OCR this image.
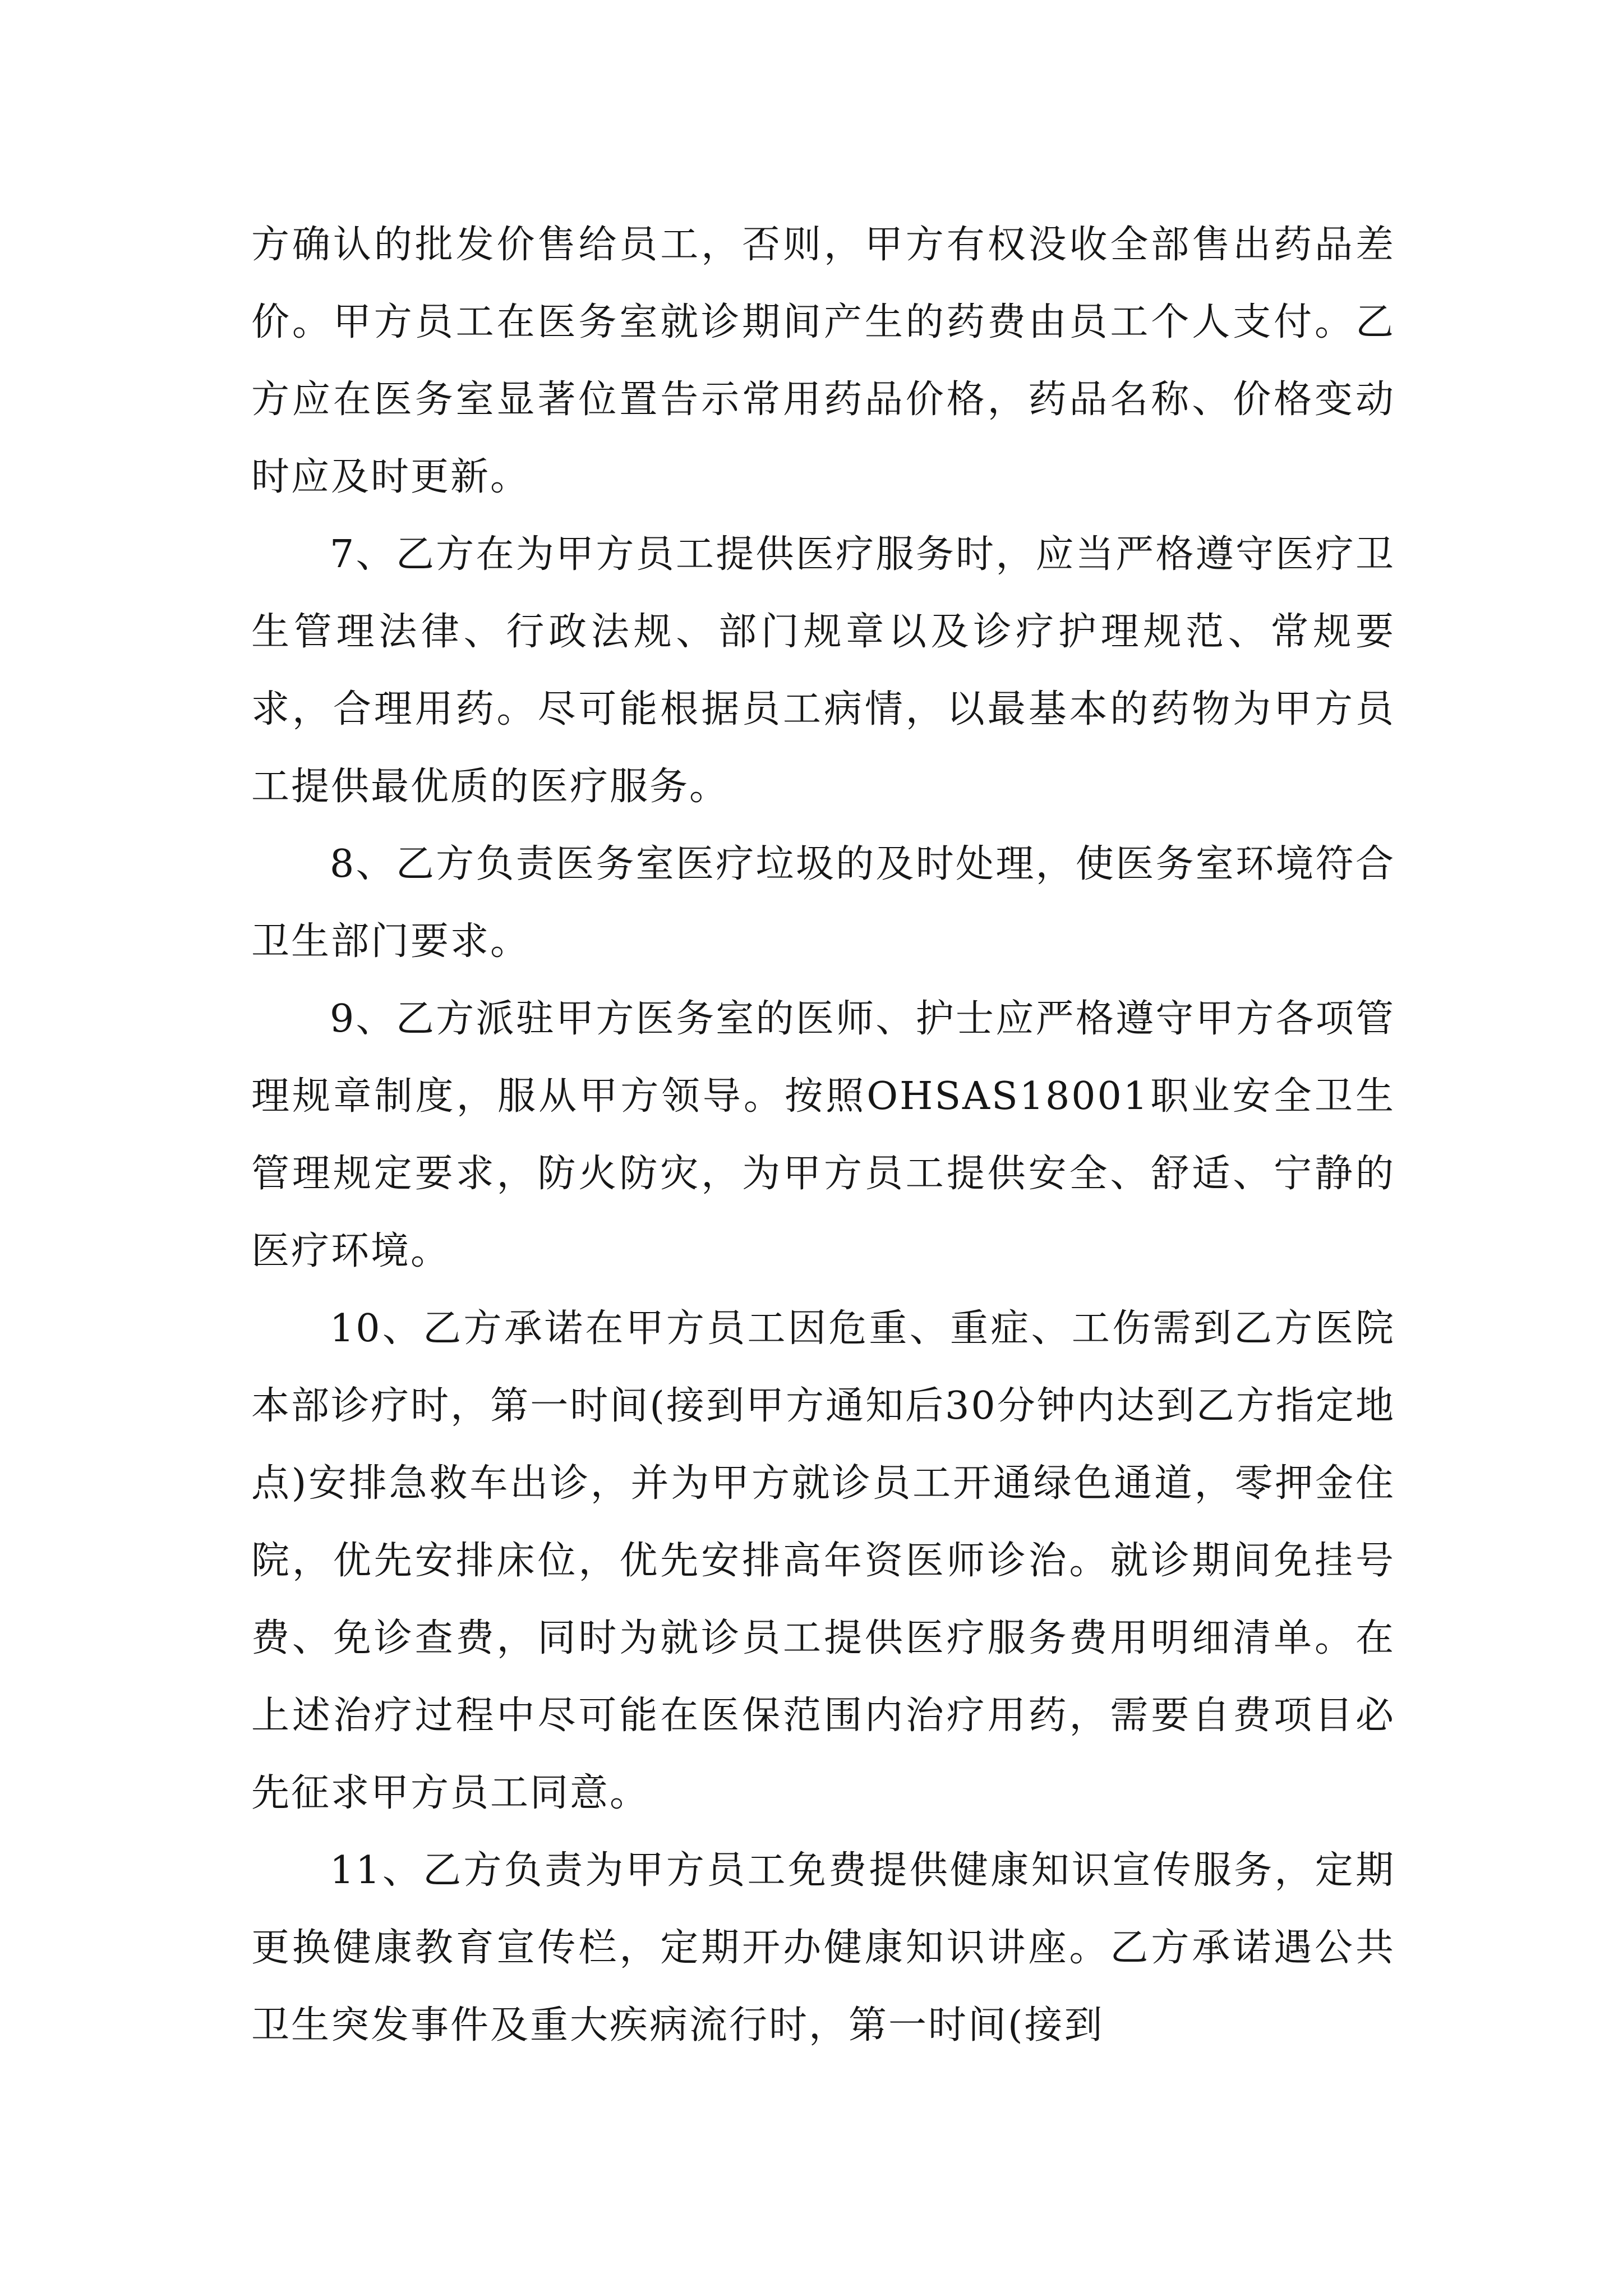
方确认的批发价售给员工，否则，甲方有权没收全部售出药品差价。甲方员工在医务室就诊期间产生的药费由员工个人支付。乙方应在医务室显著位置告示常用药品价格，药品名称、价格变动时应及时更新。

7、乙方在为甲方员工提供医疗服务时，应当严格遵守医疗卫生管理法律、行政法规、部门规章以及诊疗护理规范、常规要求，合理用药。尽可能根据员工病情，以最基本的药物为甲方员工提供最优质的医疗服务。

8、乙方负责医务室医疗垃圾的及时处理，使医务室环境符合卫生部门要求。

9、乙方派驻甲方医务室的医师、护士应严格遵守甲方各项管理规章制度，服从甲方领导。按照OHSAS18001职业安全卫生管理规定要求，防火防灾，为甲方员工提供安全、舒适、宁静的医疗环境。

10、乙方承诺在甲方员工因危重、重症、工伤需到乙方医院本部诊疗时，第一时间(接到甲方通知后30分钟内达到乙方指定地点)安排急救车出诊，并为甲方就诊员工开通绿色通道，零押金住院，优先安排床位，优先安排高年资医师诊治。就诊期间免挂号费、免诊查费，同时为就诊员工提供医疗服务费用明细清单。在上述治疗过程中尽可能在医保范围内治疗用药，需要自费项目必先征求甲方员工同意。

11、乙方负责为甲方员工免费提供健康知识宣传服务，定期更换健康教育宣传栏，定期开办健康知识讲座。乙方承诺遇公共卫生突发事件及重大疾病流行时，第一时间(接到
